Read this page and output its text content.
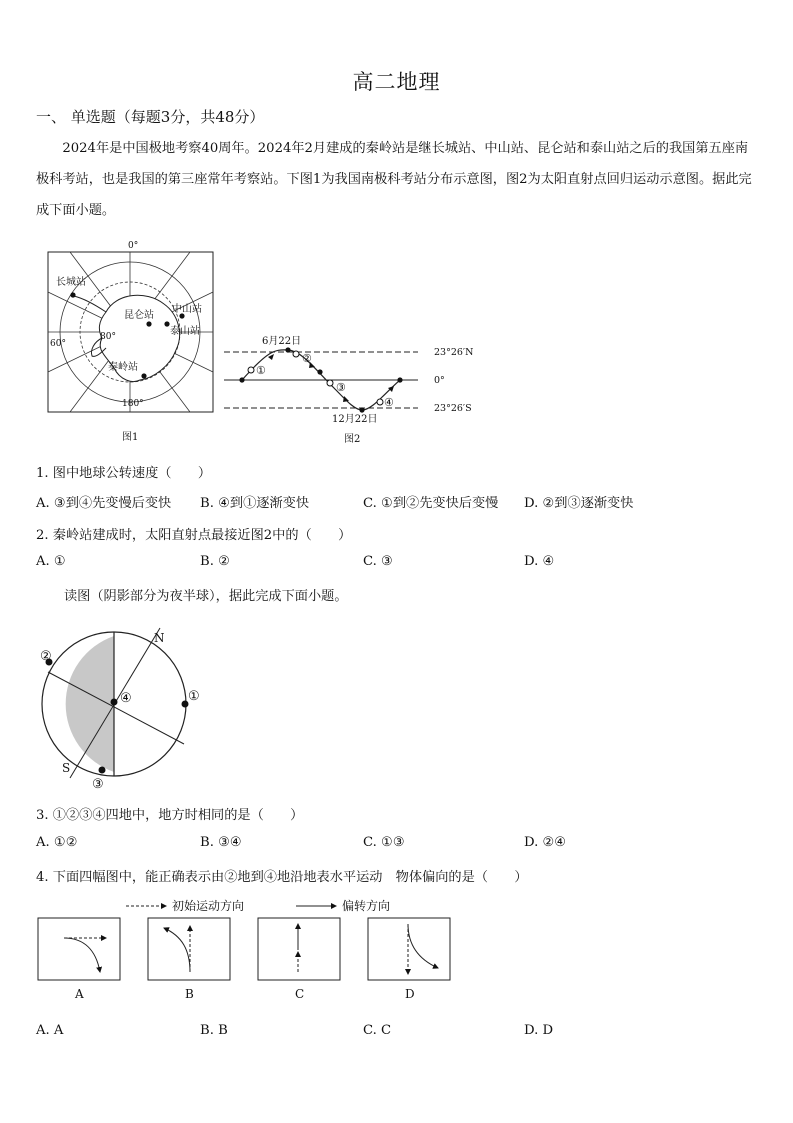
高二地理
一、 单选题（每题3分，共48分）
2024年是中国极地考察40周年。2024年2月建成的秦岭站是继长城站、中山站、昆仑站和泰山站之后的我国第五座南极科考站，也是我国的第三座常年考察站。下图1为我国南极科考站分布示意图，图2为太阳直射点回归运动示意图。据此完成下面小题。
0°
180°
60°
80°
长城站
昆仑站
中山站
泰山站
秦岭站
图1
①
②
③
④
6月22日
12月22日
23°26′N
0°
23°26′S
图2
1. 图中地球公转速度（　　）
A. ③到④先变慢后变快 B. ④到①逐渐变快	C. ①到②先变快后变慢 D. ②到③逐渐变快
2. 秦岭站建成时，太阳直射点最接近图2中的（　　）
A. ①	B. ②	C. ③	D. ④
读图（阴影部分为夜半球），据此完成下面小题。
N
S
①
②
③
④
3. ①②③④四地中，地方时相同的是（　　）
A. ①②	B. ③④	C. ①③	D. ②④
4. 下面四幅图中，能正确表示由②地到④地沿地表水平运动　物体偏向的是（　　）
初始运动方向	偏转方向
A	B	C	D
A. A	B. B	C. C	D. D
